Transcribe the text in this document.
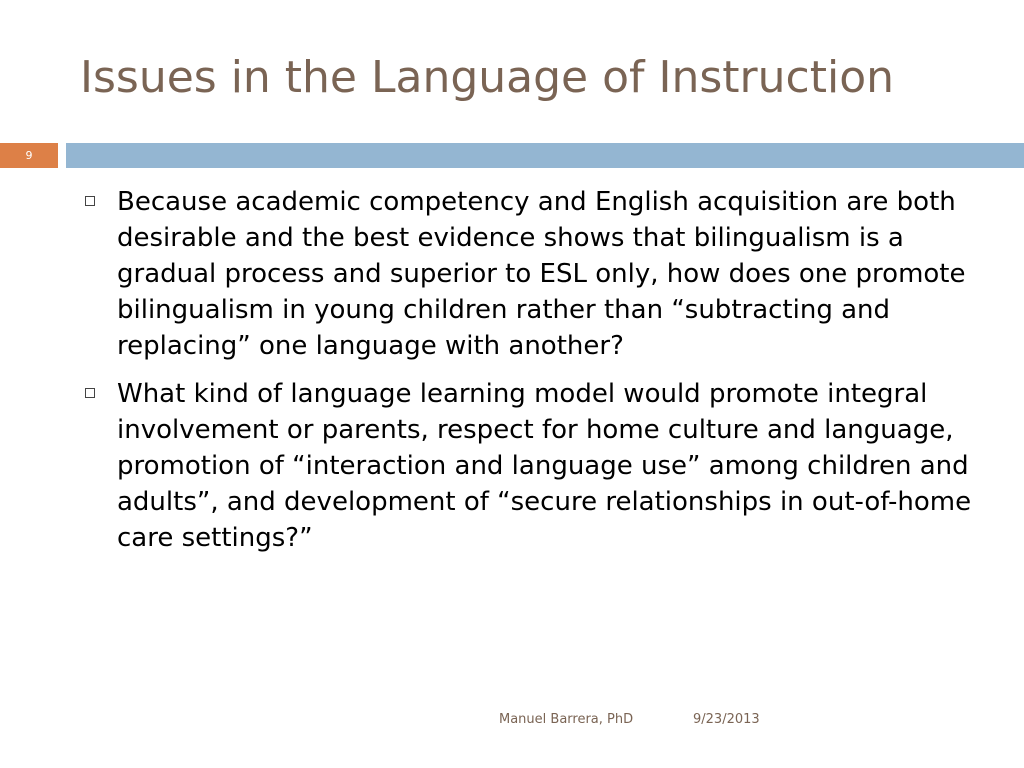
Issues in the Language of Instruction
9
Because academic competency and English acquisition are both desirable and the best evidence shows that bilingualism is a gradual process and superior to ESL only, how does one promote bilingualism in young children rather than “subtracting and replacing” one language with another?
What kind of language learning model would promote integral involvement or parents, respect for home culture and language, promotion of “interaction and language use” among children and adults”, and development of “secure relationships in out-of-home care settings?”
Manuel Barrera, PhD	9/23/2013
